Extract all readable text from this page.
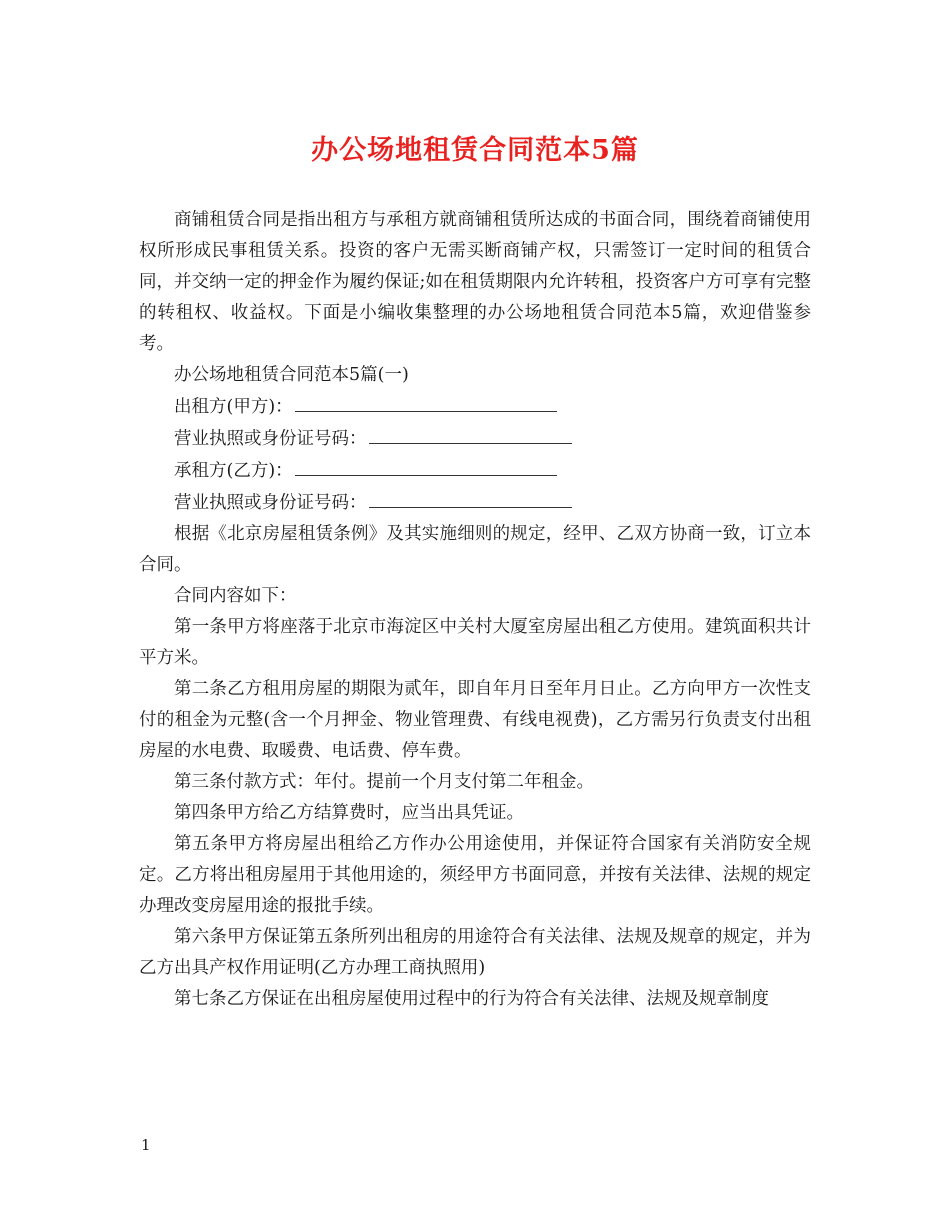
办公场地租赁合同范本5篇

商铺租赁合同是指出租方与承租方就商铺租赁所达成的书面合同，围绕着商铺使用权所形成民事租赁关系。投资的客户无需买断商铺产权，只需签订一定时间的租赁合同，并交纳一定的押金作为履约保证;如在租赁期限内允许转租，投资客户方可享有完整的转租权、收益权。下面是小编收集整理的办公场地租赁合同范本5篇，欢迎借鉴参考。

办公场地租赁合同范本5篇(一)

出租方(甲方)：

营业执照或身份证号码：

承租方(乙方)：

营业执照或身份证号码：

根据《北京房屋租赁条例》及其实施细则的规定，经甲、乙双方协商一致，订立本合同。

合同内容如下：

第一条甲方将座落于北京市海淀区中关村大厦室房屋出租乙方使用。建筑面积共计平方米。

第二条乙方租用房屋的期限为贰年，即自年月日至年月日止。乙方向甲方一次性支付的租金为元整(含一个月押金、物业管理费、有线电视费)，乙方需另行负责支付出租房屋的水电费、取暖费、电话费、停车费。

第三条付款方式：年付。提前一个月支付第二年租金。

第四条甲方给乙方结算费时，应当出具凭证。

第五条甲方将房屋出租给乙方作办公用途使用，并保证符合国家有关消防安全规定。乙方将出租房屋用于其他用途的，须经甲方书面同意，并按有关法律、法规的规定办理改变房屋用途的报批手续。

第六条甲方保证第五条所列出租房的用途符合有关法律、法规及规章的规定，并为乙方出具产权作用证明(乙方办理工商执照用)

第七条乙方保证在出租房屋使用过程中的行为符合有关法律、法规及规章制度

1
